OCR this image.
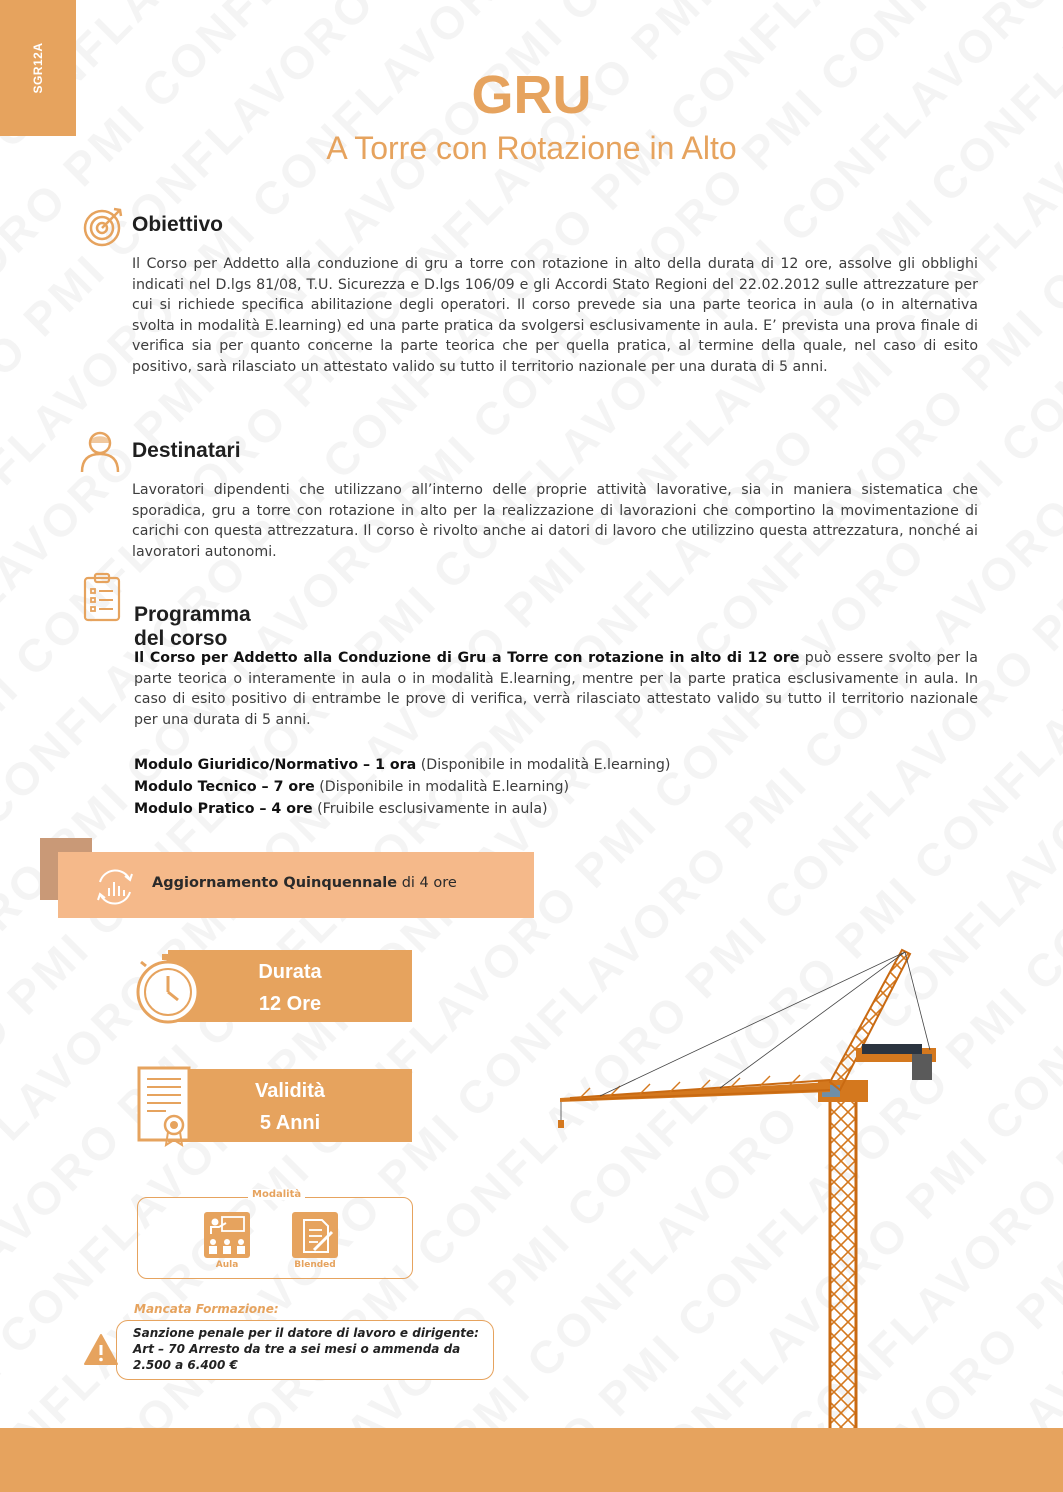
SGR12A	GRU
A Torre con Rotazione in Alto
Obiettivo
Il Corso per Addetto alla conduzione di gru a torre con rotazione in alto della durata di 12 ore, assolve gli obblighi indicati nel D.lgs 81/08, T.U. Sicurezza e D.lgs 106/09 e gli Accordi Stato Regioni del 22.02.2012 sulle attrezzature per cui si richiede specifica abilitazione degli operatori. Il corso prevede sia una parte teorica in aula (o in alternativa svolta in modalità E.learning) ed una parte pratica da svolgersi esclusivamente in aula. E’ prevista una prova finale di verifica sia per quanto concerne la parte teorica che per quella pratica, al termine della quale, nel caso di esito positivo, sarà rilasciato un attestato valido su tutto il territorio nazionale per una durata di 5 anni.
Destinatari
Lavoratori dipendenti che utilizzano all’interno delle proprie attività lavorative, sia in maniera sistematica che sporadica, gru a torre con rotazione in alto per la realizzazione di lavorazioni che comportino la movimentazione di carichi con questa attrezzatura. Il corso è rivolto anche ai datori di lavoro che utilizzino questa attrezzatura, nonché ai lavoratori autonomi.
Programma del corso
Il Corso per Addetto alla Conduzione di Gru a Torre con rotazione in alto di 12 ore può essere svolto per la parte teorica o interamente in aula o in modalità E.learning, mentre per la parte pratica esclusivamente in aula. In caso di esito positivo di entrambe le prove di verifica, verrà rilasciato attestato valido su tutto il territorio nazionale per una durata di 5 anni.
Modulo Giuridico/Normativo – 1 ora (Disponibile in modalità E.learning)
Modulo Tecnico – 7 ore (Disponibile in modalità E.learning)
Modulo Pratico – 4 ore (Fruibile esclusivamente in aula)
Aggiornamento Quinquennale di 4 ore
Durata
12 Ore
Validità
5 Anni
Modalità
Aula	Blended
Mancata Formazione:
Sanzione penale per il datore di lavoro e dirigente: Art – 70 Arresto da tre a sei mesi o ammenda da 2.500 a 6.400 €
